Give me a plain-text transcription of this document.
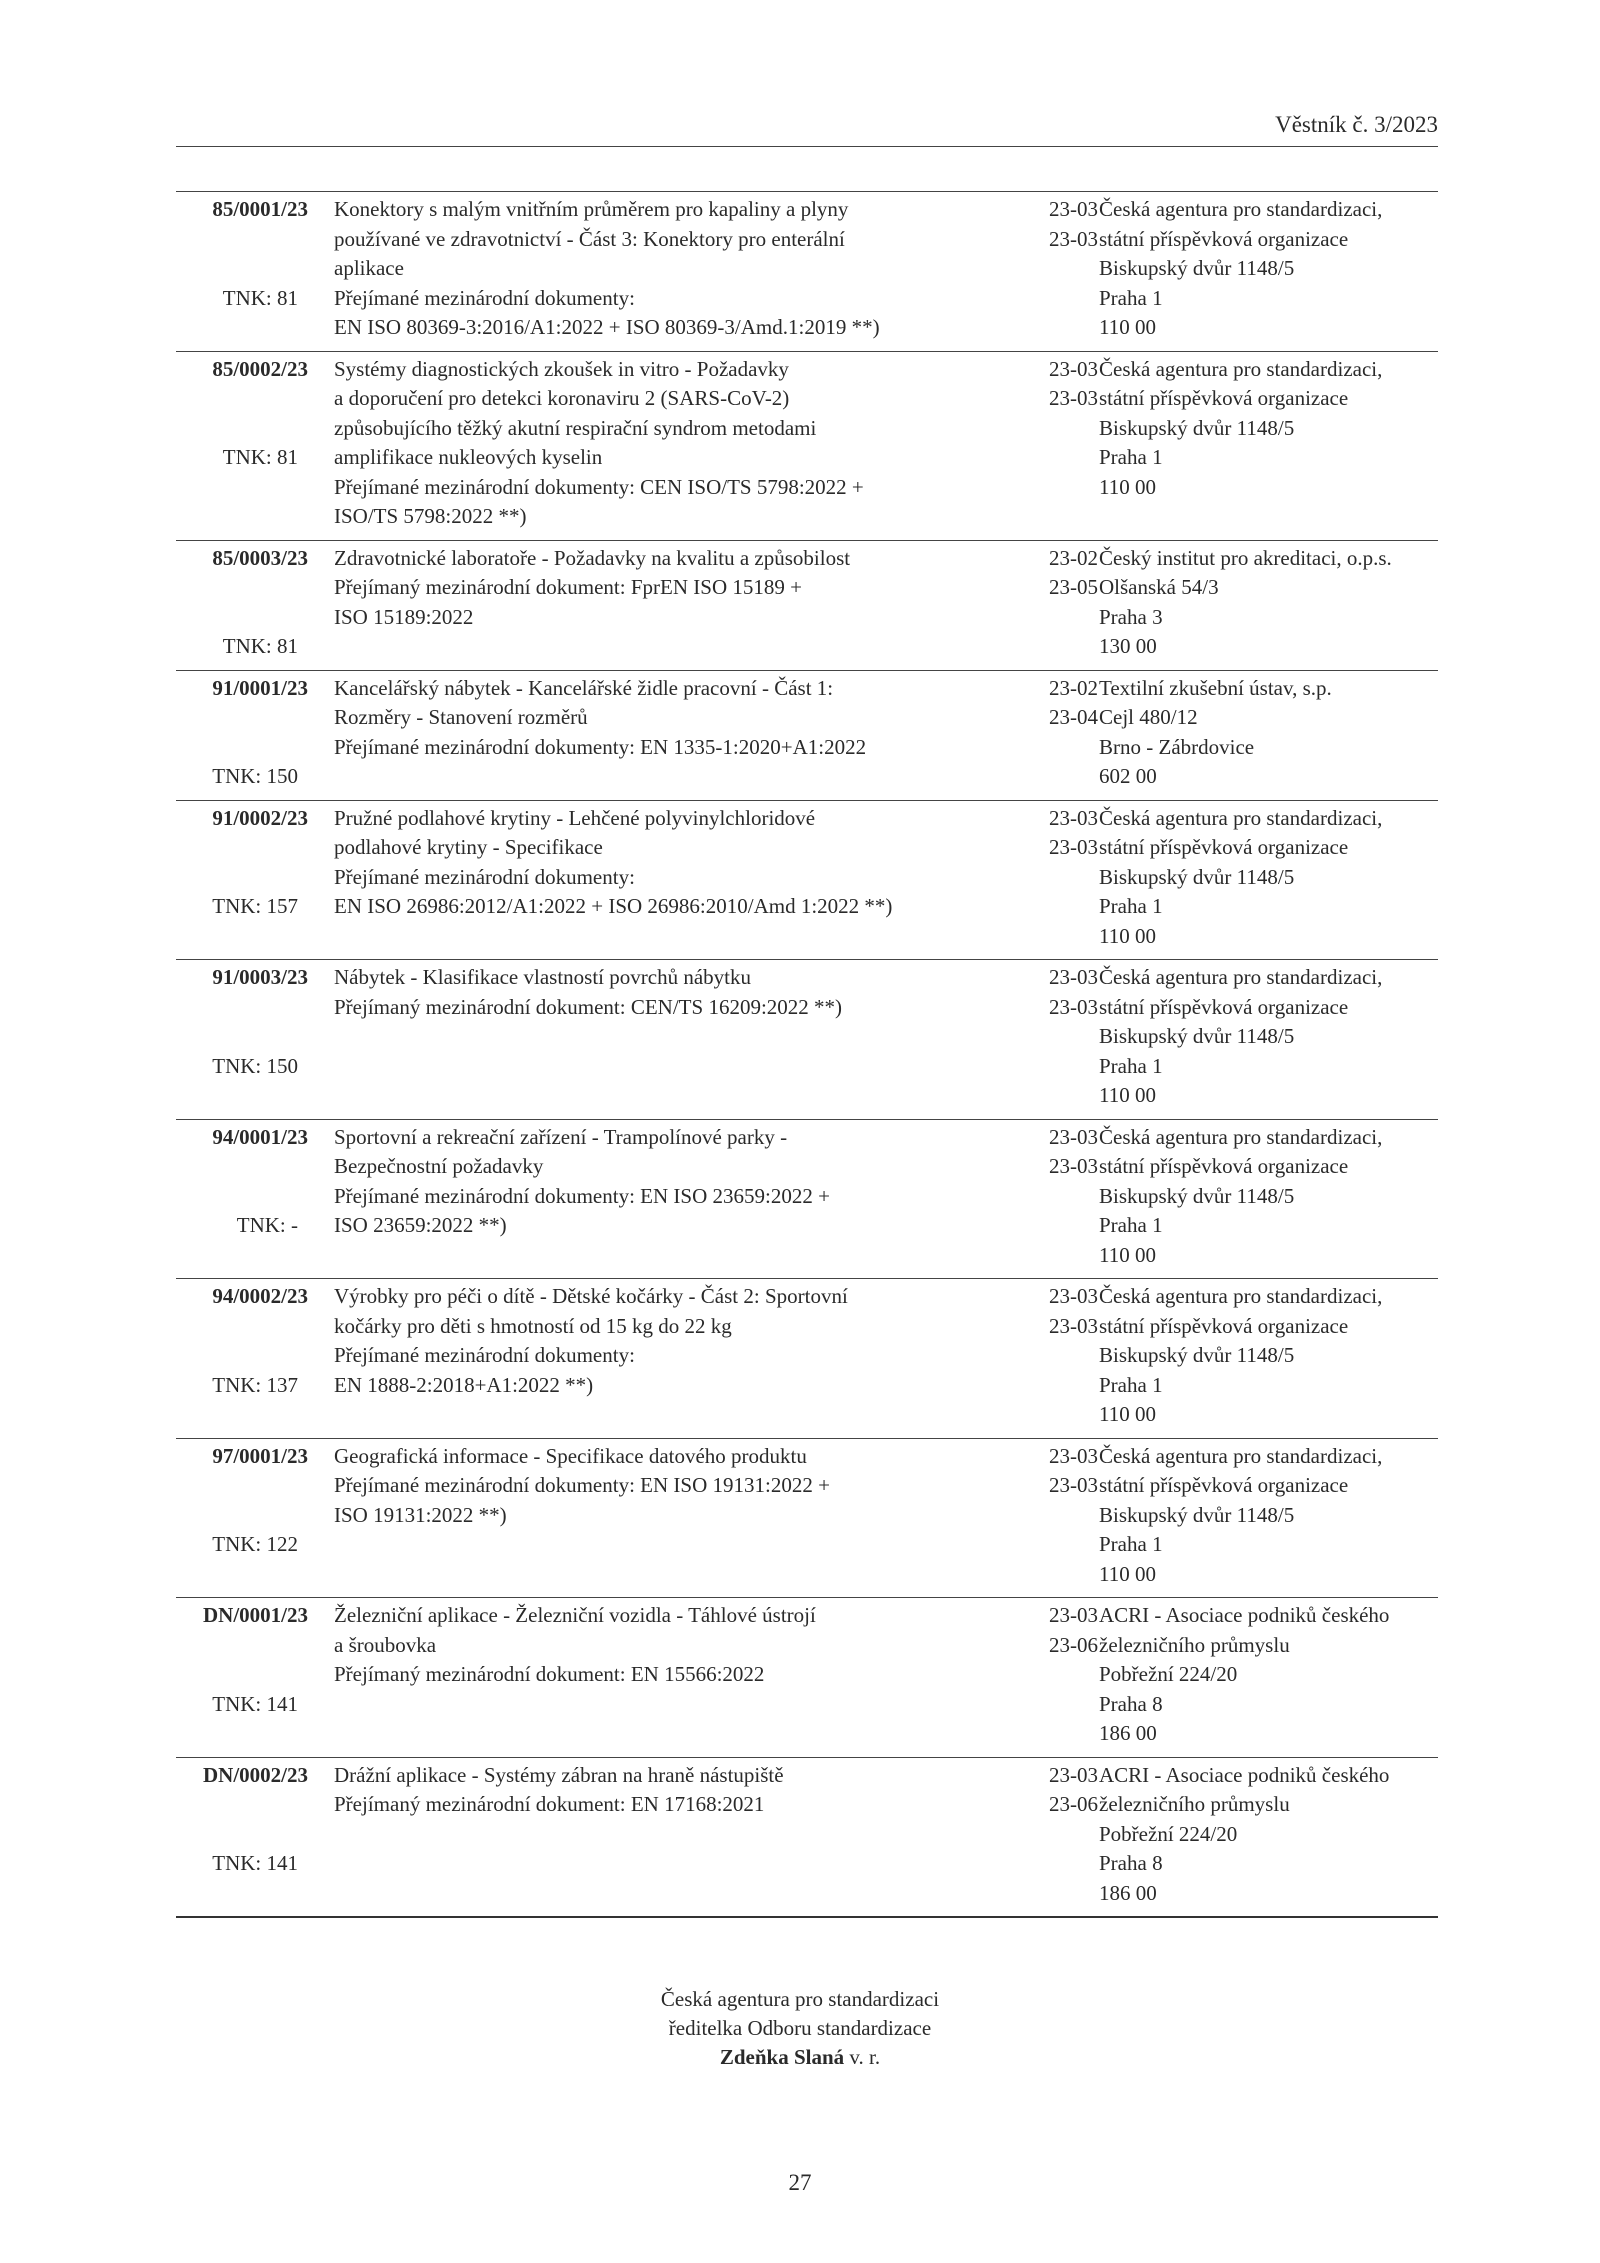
Věstník č. 3/2023
85/0001/23
TNK: 81
Konektory s malým vnitřním průměrem pro kapaliny a plyny
používané ve zdravotnictví - Část 3: Konektory pro enterální
aplikace
Přejímané mezinárodní dokumenty:
EN ISO 80369-3:2016/A1:2022 + ISO 80369-3/Amd.1:2019 **)
23-03
23-03
Česká agentura pro standardizaci,
státní příspěvková organizace
Biskupský dvůr 1148/5
Praha 1
110 00
85/0002/23
TNK: 81
Systémy diagnostických zkoušek in vitro - Požadavky
a doporučení pro detekci koronaviru 2 (SARS-CoV-2)
způsobujícího těžký akutní respirační syndrom metodami
amplifikace nukleových kyselin
Přejímané mezinárodní dokumenty: CEN ISO/TS 5798:2022 +
ISO/TS 5798:2022 **)
23-03
23-03
Česká agentura pro standardizaci,
státní příspěvková organizace
Biskupský dvůr 1148/5
Praha 1
110 00
85/0003/23
TNK: 81
Zdravotnické laboratoře - Požadavky na kvalitu a způsobilost
Přejímaný mezinárodní dokument: FprEN ISO 15189 +
ISO 15189:2022
23-02
23-05
Český institut pro akreditaci, o.p.s.
Olšanská 54/3
Praha 3
130 00
91/0001/23
TNK: 150
Kancelářský nábytek - Kancelářské židle pracovní - Část 1:
Rozměry - Stanovení rozměrů
Přejímané mezinárodní dokumenty: EN 1335-1:2020+A1:2022
23-02
23-04
Textilní zkušební ústav, s.p.
Cejl 480/12
Brno - Zábrdovice
602 00
91/0002/23
TNK: 157
Pružné podlahové krytiny - Lehčené polyvinylchloridové
podlahové krytiny - Specifikace
Přejímané mezinárodní dokumenty:
EN ISO 26986:2012/A1:2022 + ISO 26986:2010/Amd 1:2022 **)
23-03
23-03
Česká agentura pro standardizaci,
státní příspěvková organizace
Biskupský dvůr 1148/5
Praha 1
110 00
91/0003/23
TNK: 150
Nábytek - Klasifikace vlastností povrchů nábytku
Přejímaný mezinárodní dokument: CEN/TS 16209:2022 **)
23-03
23-03
Česká agentura pro standardizaci,
státní příspěvková organizace
Biskupský dvůr 1148/5
Praha 1
110 00
94/0001/23
TNK: -
Sportovní a rekreační zařízení - Trampolínové parky -
Bezpečnostní požadavky
Přejímané mezinárodní dokumenty: EN ISO 23659:2022 +
ISO 23659:2022 **)
23-03
23-03
Česká agentura pro standardizaci,
státní příspěvková organizace
Biskupský dvůr 1148/5
Praha 1
110 00
94/0002/23
TNK: 137
Výrobky pro péči o dítě - Dětské kočárky - Část 2: Sportovní
kočárky pro děti s hmotností od 15 kg do 22 kg
Přejímané mezinárodní dokumenty:
EN 1888-2:2018+A1:2022 **)
23-03
23-03
Česká agentura pro standardizaci,
státní příspěvková organizace
Biskupský dvůr 1148/5
Praha 1
110 00
97/0001/23
TNK: 122
Geografická informace - Specifikace datového produktu
Přejímané mezinárodní dokumenty: EN ISO 19131:2022 +
ISO 19131:2022 **)
23-03
23-03
Česká agentura pro standardizaci,
státní příspěvková organizace
Biskupský dvůr 1148/5
Praha 1
110 00
DN/0001/23
TNK: 141
Železniční aplikace - Železniční vozidla - Táhlové ústrojí
a šroubovka
Přejímaný mezinárodní dokument: EN 15566:2022
23-03
23-06
ACRI - Asociace podniků českého
železničního průmyslu
Pobřežní 224/20
Praha 8
186 00
DN/0002/23
TNK: 141
Drážní aplikace - Systémy zábran na hraně nástupiště
Přejímaný mezinárodní dokument: EN 17168:2021
23-03
23-06
ACRI - Asociace podniků českého
železničního průmyslu
Pobřežní 224/20
Praha 8
186 00
Česká agentura pro standardizaci
ředitelka Odboru standardizace
Zdeňka Slaná v. r.
27
